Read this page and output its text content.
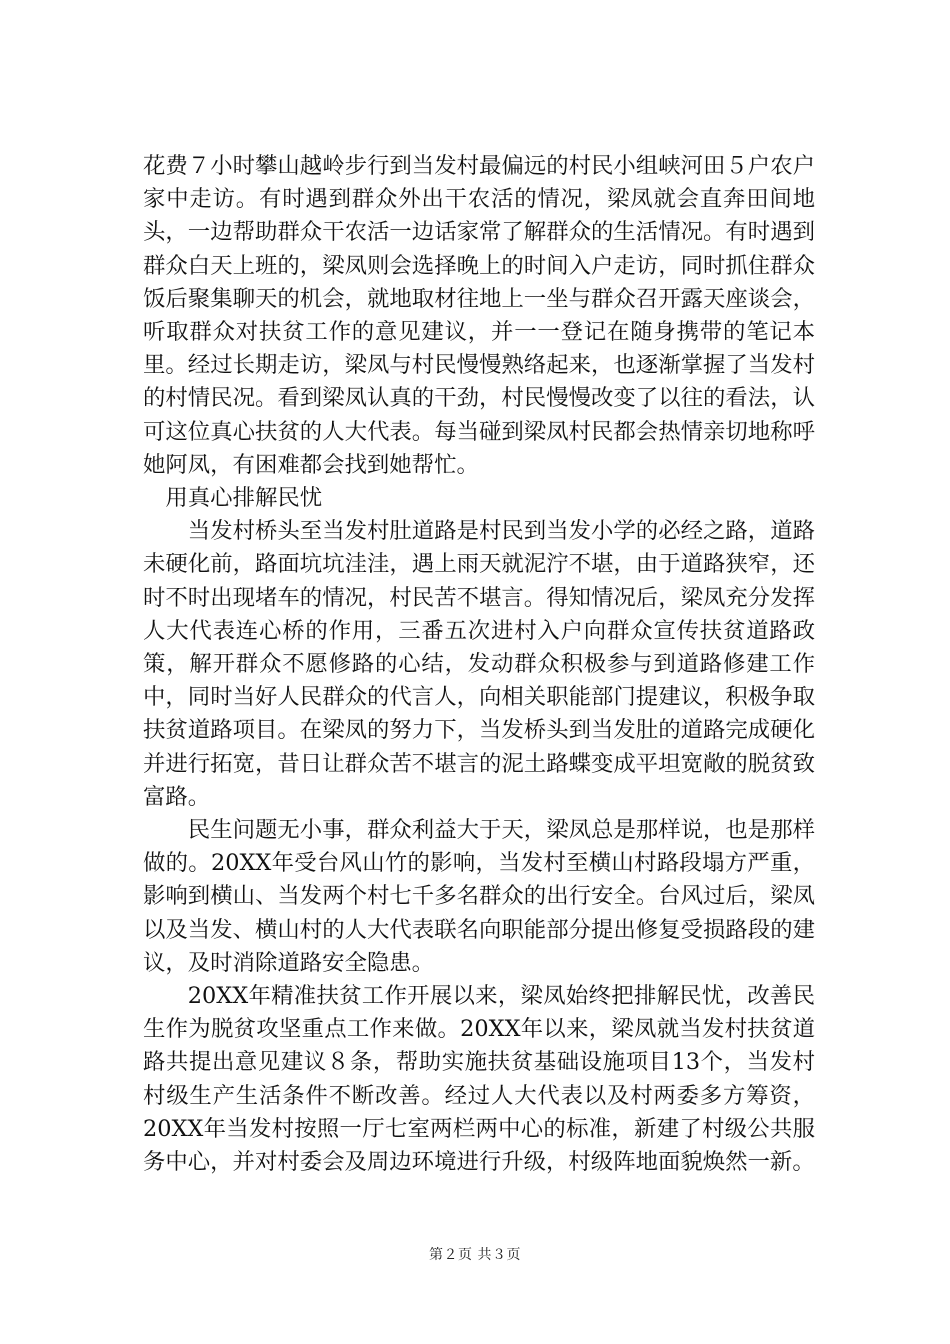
花费７小时攀山越岭步行到当发村最偏远的村民小组峡河田５户农户家中走访。有时遇到群众外出干农活的情况，梁凤就会直奔田间地头，一边帮助群众干农活一边话家常了解群众的生活情况。有时遇到群众白天上班的，梁凤则会选择晚上的时间入户走访，同时抓住群众饭后聚集聊天的机会，就地取材往地上一坐与群众召开露天座谈会，听取群众对扶贫工作的意见建议，并一一登记在随身携带的笔记本里。经过长期走访，梁凤与村民慢慢熟络起来，也逐渐掌握了当发村的村情民况。看到梁凤认真的干劲，村民慢慢改变了以往的看法，认可这位真心扶贫的人大代表。每当碰到梁凤村民都会热情亲切地称呼她阿凤，有困难都会找到她帮忙。

用真心排解民忧

当发村桥头至当发村肚道路是村民到当发小学的必经之路，道路未硬化前，路面坑坑洼洼，遇上雨天就泥泞不堪，由于道路狭窄，还时不时出现堵车的情况，村民苦不堪言。得知情况后，梁凤充分发挥人大代表连心桥的作用，三番五次进村入户向群众宣传扶贫道路政策，解开群众不愿修路的心结，发动群众积极参与到道路修建工作中，同时当好人民群众的代言人，向相关职能部门提建议，积极争取扶贫道路项目。在梁凤的努力下，当发桥头到当发肚的道路完成硬化并进行拓宽，昔日让群众苦不堪言的泥土路蝶变成平坦宽敞的脱贫致富路。

民生问题无小事，群众利益大于天，梁凤总是那样说，也是那样做的。20XX年受台风山竹的影响，当发村至横山村路段塌方严重，影响到横山、当发两个村七千多名群众的出行安全。台风过后，梁凤以及当发、横山村的人大代表联名向职能部分提出修复受损路段的建议，及时消除道路安全隐患。

20XX年精准扶贫工作开展以来，梁凤始终把排解民忧，改善民生作为脱贫攻坚重点工作来做。20XX年以来，梁凤就当发村扶贫道路共提出意见建议８条，帮助实施扶贫基础设施项目13个，当发村村级生产生活条件不断改善。经过人大代表以及村两委多方筹资，20XX年当发村按照一厅七室两栏两中心的标准，新建了村级公共服务中心，并对村委会及周边环境进行升级，村级阵地面貌焕然一新。

第２页 共３页
